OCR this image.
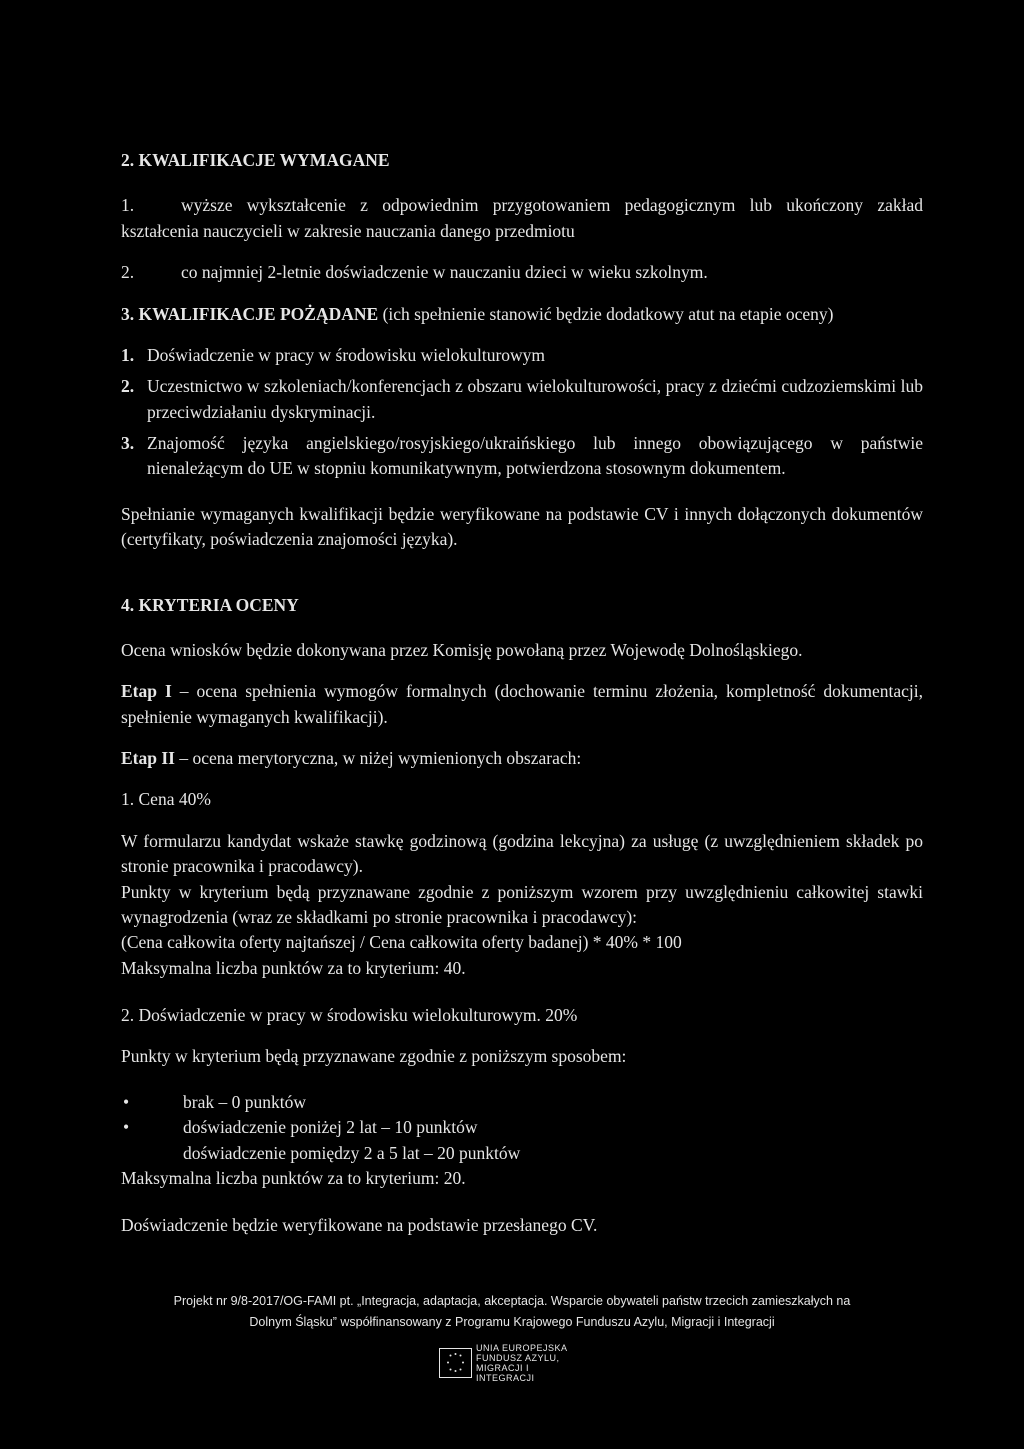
2. KWALIFIKACJE WYMAGANE
1.	wyższe wykształcenie z odpowiednim przygotowaniem pedagogicznym lub ukończony zakład kształcenia nauczycieli w zakresie nauczania danego przedmiotu
2.	co najmniej 2-letnie doświadczenie w nauczaniu dzieci w wieku szkolnym.
3. KWALIFIKACJE POŻĄDANE (ich spełnienie stanowić będzie dodatkowy atut na etapie oceny)
1. Doświadczenie w pracy w środowisku wielokulturowym
2. Uczestnictwo w szkoleniach/konferencjach z obszaru wielokulturowości, pracy z dziećmi cudzoziemskimi lub przeciwdziałaniu dyskryminacji.
3. Znajomość języka angielskiego/rosyjskiego/ukraińskiego lub innego obowiązującego w państwie nienależącym do UE w stopniu komunikatywnym, potwierdzona stosownym dokumentem.
Spełnianie wymaganych kwalifikacji będzie weryfikowane na podstawie CV i innych dołączonych dokumentów (certyfikaty, poświadczenia znajomości języka).
4. KRYTERIA OCENY
Ocena wniosków będzie dokonywana przez Komisję powołaną przez Wojewodę Dolnośląskiego.
Etap I – ocena spełnienia wymogów formalnych (dochowanie terminu złożenia, kompletność dokumentacji, spełnienie wymaganych kwalifikacji).
Etap II – ocena merytoryczna, w niżej wymienionych obszarach:
1. Cena 40%
W formularzu kandydat wskaże stawkę godzinową (godzina lekcyjna) za usługę (z uwzględnieniem składek po stronie pracownika i pracodawcy).
Punkty w kryterium będą przyznawane zgodnie z poniższym wzorem przy uwzględnieniu całkowitej stawki wynagrodzenia (wraz ze składkami po stronie pracownika i pracodawcy):
(Cena całkowita oferty najtańszej / Cena całkowita oferty badanej) * 40% * 100
Maksymalna liczba punktów za to kryterium: 40.
2. Doświadczenie w pracy w środowisku wielokulturowym. 20%
Punkty w kryterium będą przyznawane zgodnie z poniższym sposobem:
•	brak – 0 punktów
•	doświadczenie poniżej 2 lat – 10 punktów
doświadczenie pomiędzy 2 a 5 lat – 20 punktów
Maksymalna liczba punktów za to kryterium: 20.
Doświadczenie będzie weryfikowane na podstawie przesłanego CV.
Projekt nr 9/8-2017/OG-FAMI pt. „Integracja, adaptacja, akceptacja. Wsparcie obywateli państw trzecich zamieszkałych na
Dolnym Śląsku” współfinansowany z Programu Krajowego Funduszu Azylu, Migracji i Integracji
UNIA EUROPEJSKA
FUNDUSZ AZYLU,
MIGRACJI I INTEGRACJI
